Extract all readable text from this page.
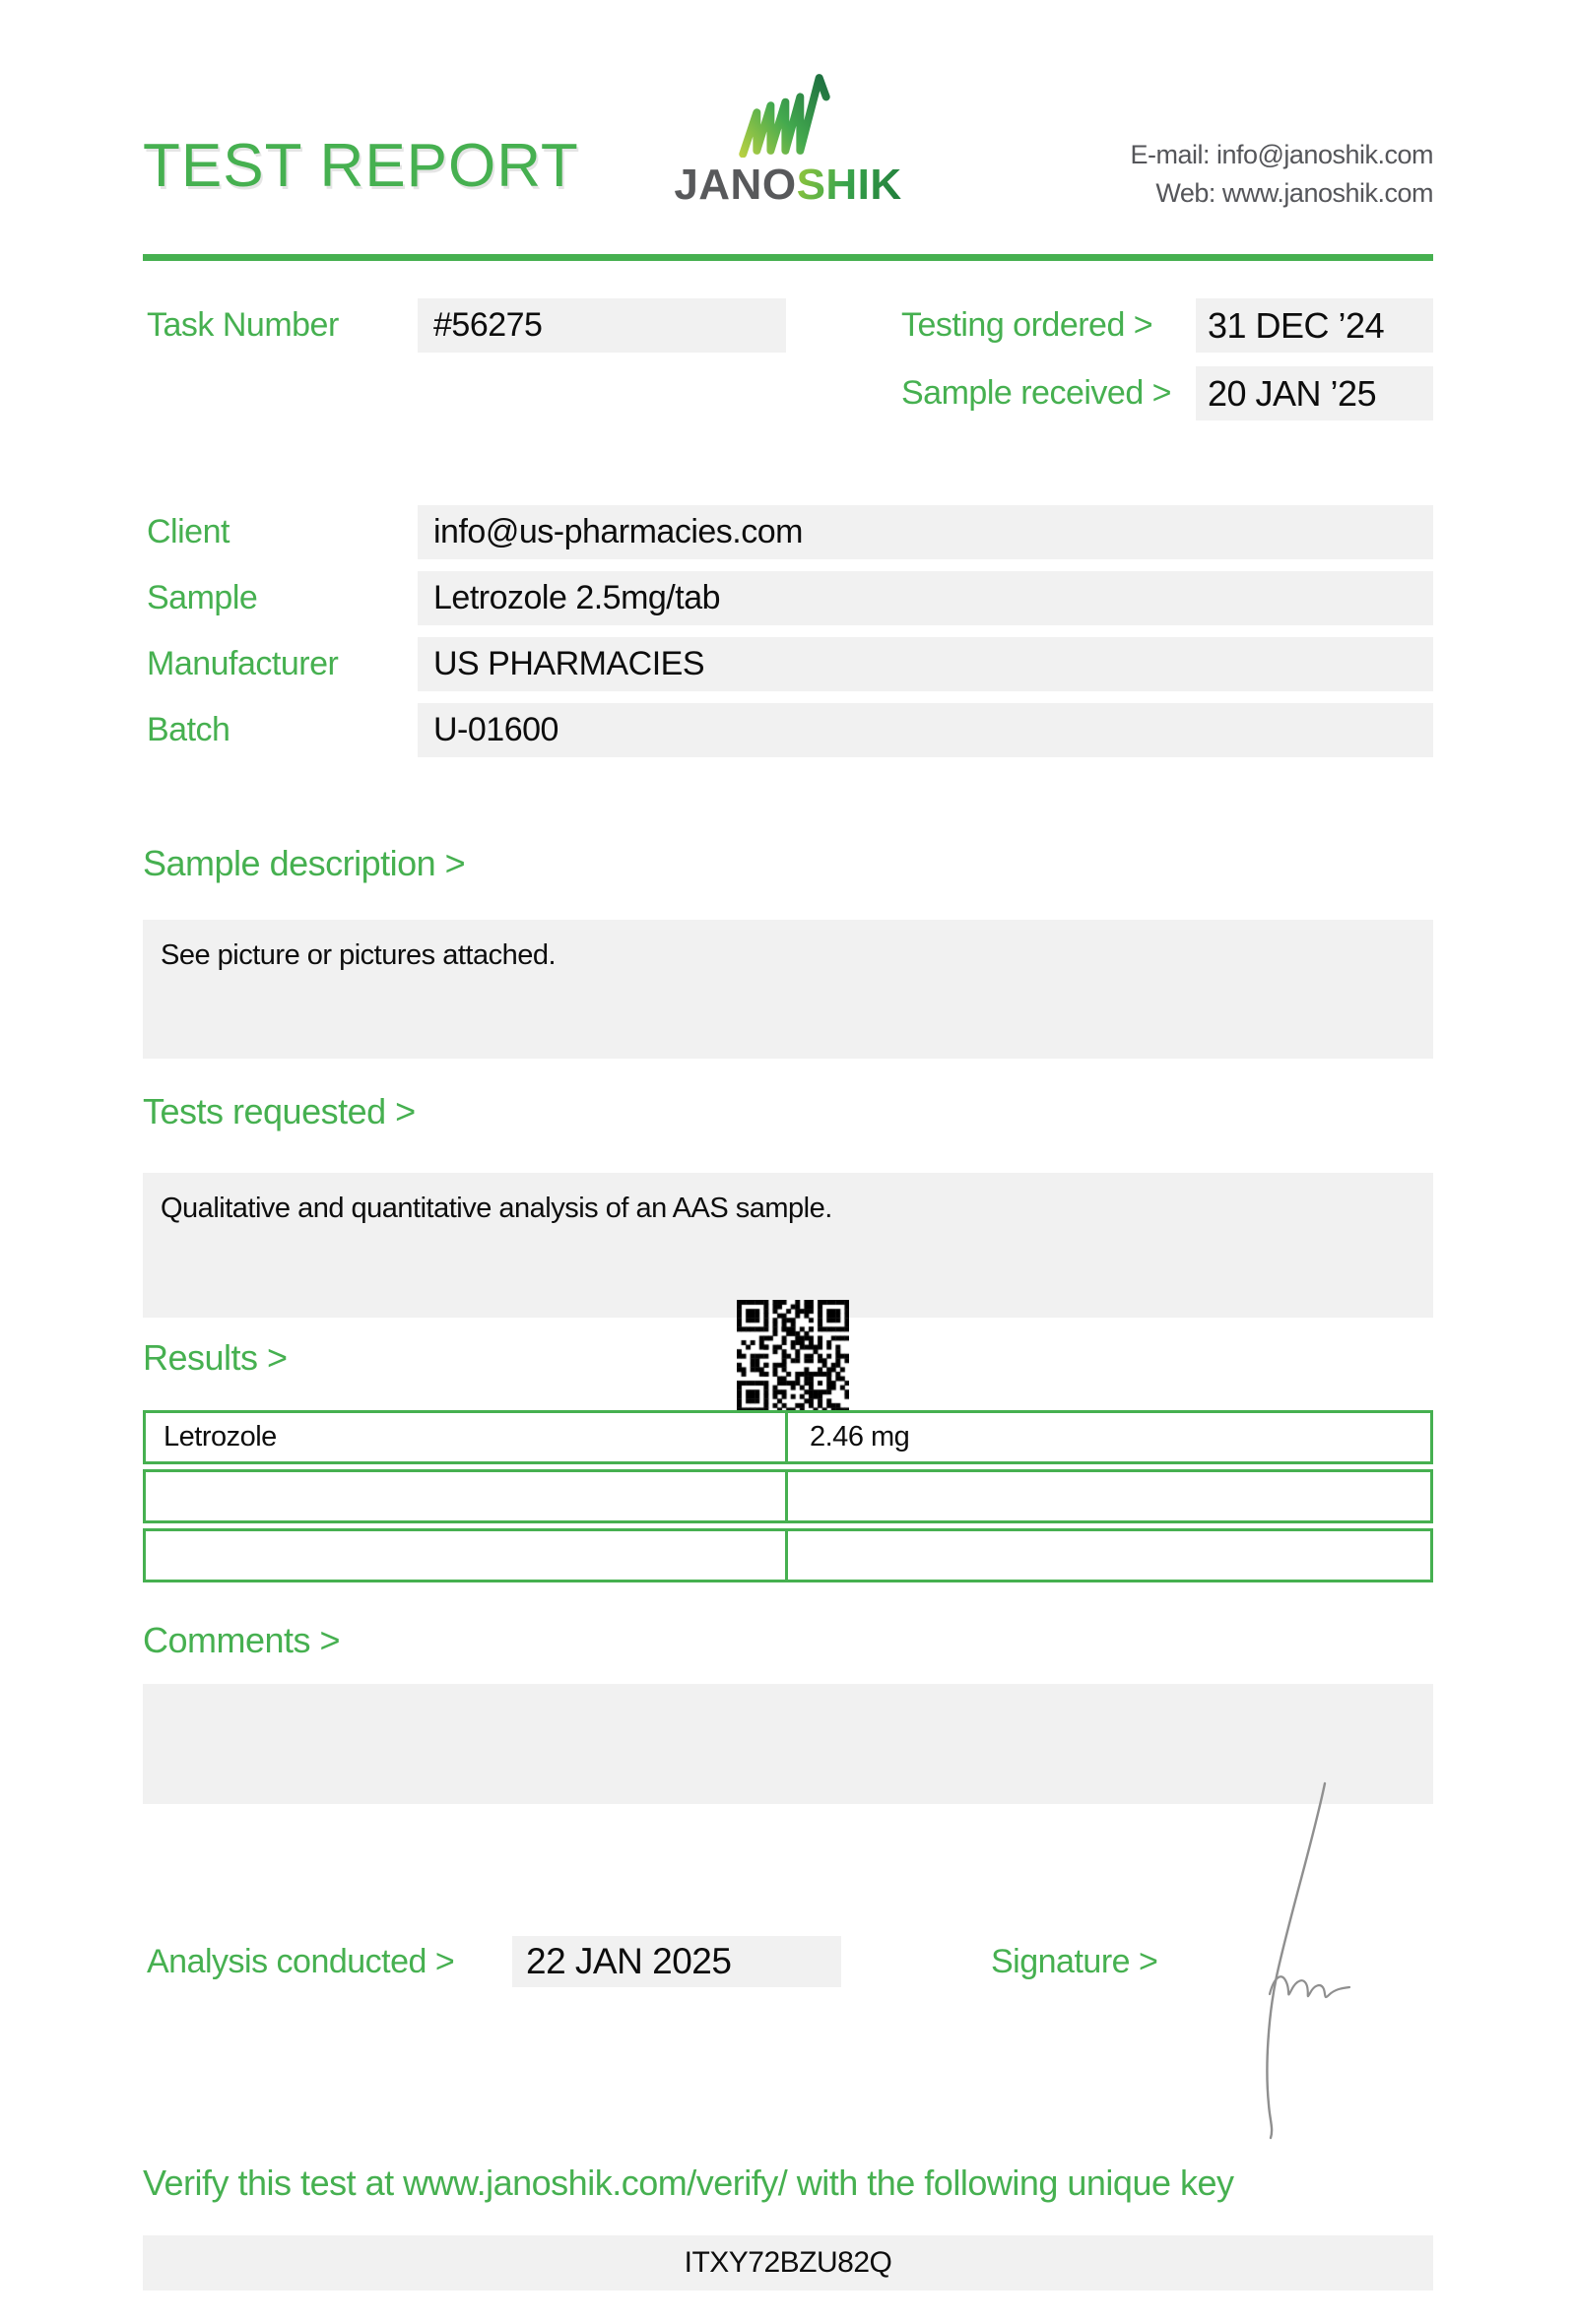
TEST REPORT JANOSHIK
E-mail: info@janoshik.com
Web: www.janoshik.com
Task Number	#56275	Testing ordered >	31 DEC ’24
Sample received >	20 JAN ’25
Client	info@us-pharmacies.com
Sample	Letrozole 2.5mg/tab
Manufacturer	US PHARMACIES
Batch	U-01600
Sample description >
See picture or pictures attached.
Tests requested >
Qualitative and quantitative analysis of an AAS sample.
Results >
Letrozole	2.46 mg
Comments >
Analysis conducted >	22 JAN 2025	Signature >
Verify this test at www.janoshik.com/verify/ with the following unique key
ITXY72BZU82Q
